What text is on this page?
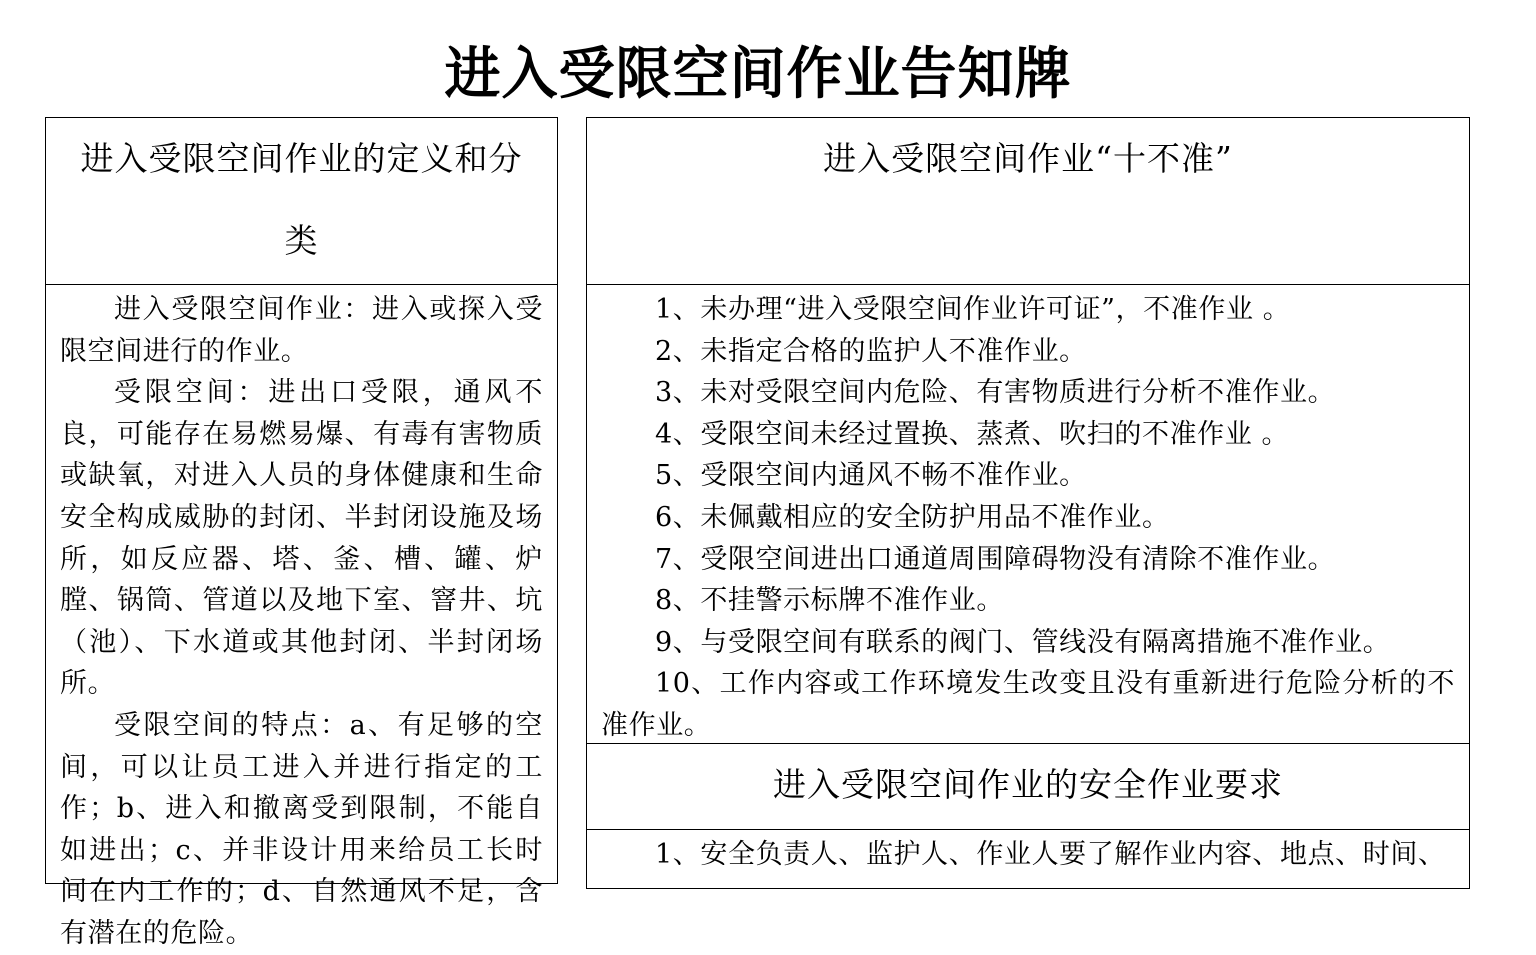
进入受限空间作业告知牌
进入受限空间作业的定义和分类

进入受限空间作业：进入或探入受限空间进行的作业。

受限空间：进出口受限，通风不良，可能存在易燃易爆、有毒有害物质或缺氧，对进入人员的身体健康和生命安全构成威胁的封闭、半封闭设施及场所，如反应器、塔、釜、槽、罐、炉膛、锅筒、管道以及地下室、窨井、坑（池）、下水道或其他封闭、半封闭场所。

受限空间的特点：a、有足够的空间，可以让员工进入并进行指定的工作；b、进入和撤离受到限制，不能自如进出；c、并非设计用来给员工长时间在内工作的；d、自然通风不足，含有潜在的危险。

进入受限空间作业“十不准”

1、未办理“进入受限空间作业许可证”，不准作业 。

2、未指定合格的监护人不准作业。

3、未对受限空间内危险、有害物质进行分析不准作业。

4、受限空间未经过置换、蒸煮、吹扫的不准作业 。

5、受限空间内通风不畅不准作业。

6、未佩戴相应的安全防护用品不准作业。

7、受限空间进出口通道周围障碍物没有清除不准作业。

8、不挂警示标牌不准作业。

9、与受限空间有联系的阀门、管线没有隔离措施不准作业。

10、工作内容或工作环境发生改变且没有重新进行危险分析的不准作业。

进入受限空间作业的安全作业要求

1、安全负责人、监护人、作业人要了解作业内容、地点、时间、
